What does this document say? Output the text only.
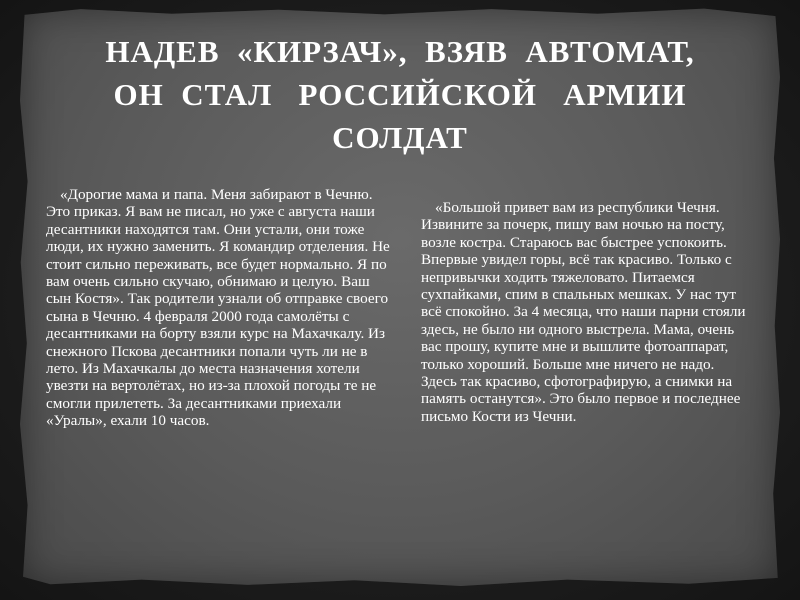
НАДЕВ  «КИРЗАЧ»,  ВЗЯВ  АВТОМАТ,
ОН  СТАЛ   РОССИЙСКОЙ   АРМИИ
СОЛДАТ

«Дорогие мама и папа. Меня забирают в Чечню. Это приказ. Я вам не писал, но уже с августа наши десантники находятся там. Они устали, они тоже люди, их нужно заменить. Я командир отделения. Не стоит сильно переживать, все будет нормально. Я по вам очень сильно скучаю, обнимаю и целую. Ваш сын Костя». Так родители узнали об отправке своего сына в Чечню. 4 февраля 2000 года самолёты с десантниками на борту взяли курс на Махачкалу. Из снежного Пскова десантники попали чуть ли не в лето. Из Махачкалы до места назначения хотели увезти на вертолётах, но из-за плохой погоды те не смогли прилететь. За десантниками приехали «Уралы», ехали 10 часов.

«Большой привет вам из республики Чечня. Извините за почерк, пишу вам ночью на посту, возле костра. Стараюсь вас быстрее успокоить. Впервые увидел горы, всё так красиво. Только с непривычки ходить тяжеловато. Питаемся сухпайками, спим в спальных мешках. У нас тут всё спокойно. За 4 месяца, что наши парни стояли здесь, не было ни одного выстрела. Мама, очень вас прошу, купите мне и вышлите фотоаппарат, только хороший. Больше мне ничего не надо. Здесь так красиво, сфотографирую, а снимки на память останутся». Это было первое и последнее письмо Кости из Чечни.
